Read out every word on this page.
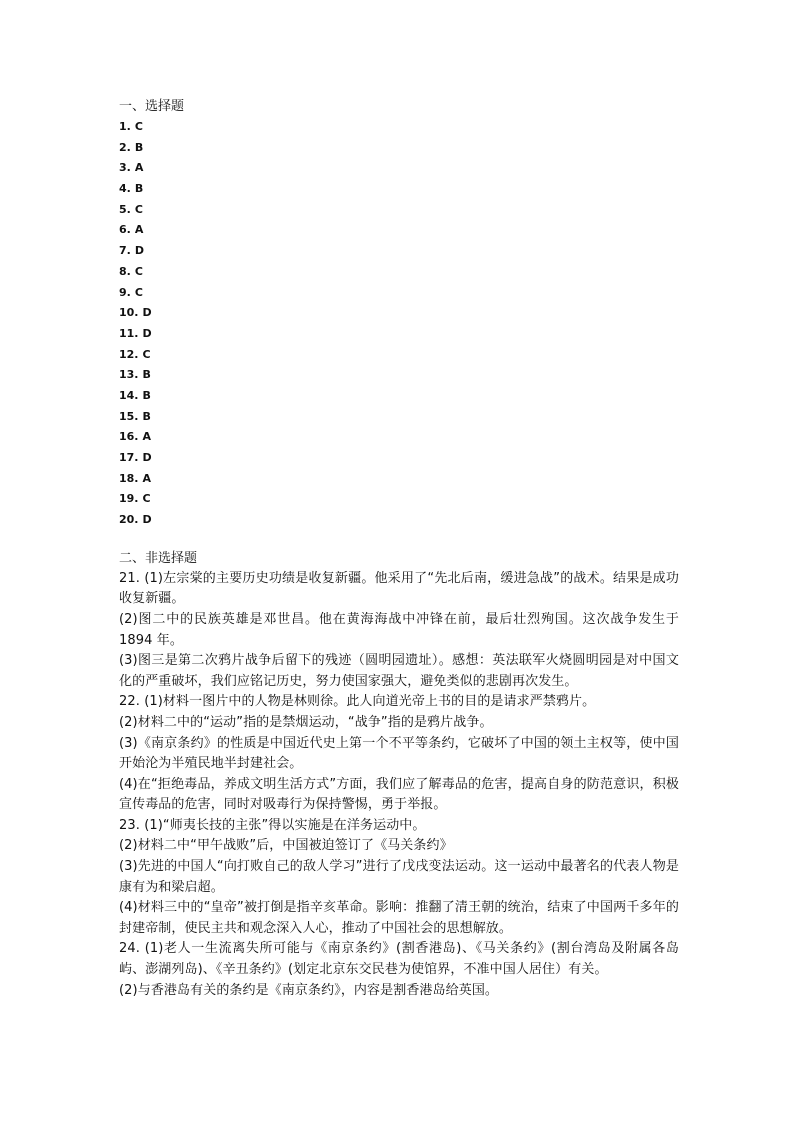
一、选择题
1. C
2. B
3. A
4. B
5. C
6. A
7. D
8. C
9. C
10. D
11. D
12. C
13. B
14. B
15. B
16. A
17. D
18. A
19. C
20. D
二、非选择题

21. (1)左宗棠的主要历史功绩是收复新疆。他采用了“先北后南，缓进急战”的战术。结果是成功收复新疆。

(2)图二中的民族英雄是邓世昌。他在黄海海战中冲锋在前，最后壮烈殉国。这次战争发生于 1894 年。

(3)图三是第二次鸦片战争后留下的残迹（圆明园遗址）。感想：英法联军火烧圆明园是对中国文化的严重破坏，我们应铭记历史，努力使国家强大，避免类似的悲剧再次发生。

22. (1)材料一图片中的人物是林则徐。此人向道光帝上书的目的是请求严禁鸦片。

(2)材料二中的“运动”指的是禁烟运动，“战争”指的是鸦片战争。

(3)《南京条约》的性质是中国近代史上第一个不平等条约，它破坏了中国的领土主权等，使中国开始沦为半殖民地半封建社会。

(4)在“拒绝毒品，养成文明生活方式”方面，我们应了解毒品的危害，提高自身的防范意识，积极宣传毒品的危害，同时对吸毒行为保持警惕，勇于举报。

23. (1)“师夷长技的主张”得以实施是在洋务运动中。

(2)材料二中“甲午战败”后，中国被迫签订了《马关条约》

(3)先进的中国人“向打败自己的敌人学习”进行了戊戌变法运动。这一运动中最著名的代表人物是康有为和梁启超。

(4)材料三中的“皇帝”被打倒是指辛亥革命。影响：推翻了清王朝的统治，结束了中国两千多年的封建帝制，使民主共和观念深入人心，推动了中国社会的思想解放。

24. (1)老人一生流离失所可能与《南京条约》(割香港岛)、《马关条约》(割台湾岛及附属各岛屿、澎湖列岛)、《辛丑条约》(划定北京东交民巷为使馆界，不准中国人居住）有关。

(2)与香港岛有关的条约是《南京条约》，内容是割香港岛给英国。
